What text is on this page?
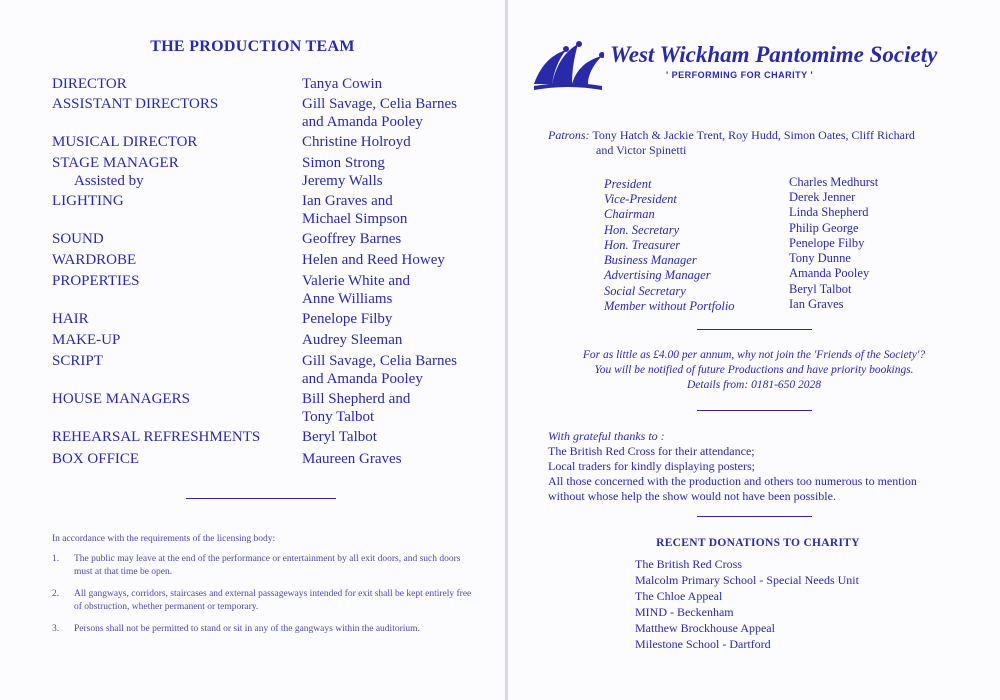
THE PRODUCTION TEAM
DIRECTOR	Tanya Cowin
ASSISTANT DIRECTORS	Gill Savage, Celia Barnes
and Amanda Pooley
MUSICAL DIRECTOR	Christine Holroyd
STAGE MANAGER	Simon Strong
Assisted by	Jeremy Walls
LIGHTING	Ian Graves and
Michael Simpson
SOUND	Geoffrey Barnes
WARDROBE	Helen and Reed Howey
PROPERTIES	Valerie White and
Anne Williams
HAIR	Penelope Filby
MAKE-UP	Audrey Sleeman
SCRIPT	Gill Savage, Celia Barnes
and Amanda Pooley
HOUSE MANAGERS	Bill Shepherd and
Tony Talbot
REHEARSAL REFRESHMENTS	Beryl Talbot
BOX OFFICE	Maureen Graves

In accordance with the requirements of the licensing body:

1. The public may leave at the end of the performance or entertainment by all exit doors, and such doors must at that time be open.
2. All gangways, corridors, staircases and external passageways intended for exit shall be kept entirely free of obstruction, whether permanent or temporary.
3. Persons shall not be permitted to stand or sit in any of the gangways within the auditorium.
West Wickham Pantomime Society
' PERFORMING FOR CHARITY '
Patrons: Tony Hatch & Jackie Trent, Roy Hudd, Simon Oates, Cliff Richard
and Victor Spinetti
President	Charles Medhurst
Vice-President	Derek Jenner
Chairman	Linda Shepherd
Hon. Secretary	Philip George
Hon. Treasurer	Penelope Filby
Business Manager	Tony Dunne
Advertising Manager	Amanda Pooley
Social Secretary	Beryl Talbot
Member without Portfolio	Ian Graves
For as little as £4.00 per annum, why not join the 'Friends of the Society'?
You will be notified of future Productions and have priority bookings.
Details from: 0181-650 2028
With grateful thanks to :
The British Red Cross for their attendance;
Local traders for kindly displaying posters;
All those concerned with the production and others too numerous to mention
without whose help the show would not have been possible.
RECENT DONATIONS TO CHARITY
The British Red Cross
Malcolm Primary School - Special Needs Unit
The Chloe Appeal
MIND - Beckenham
Matthew Brockhouse Appeal
Milestone School - Dartford
